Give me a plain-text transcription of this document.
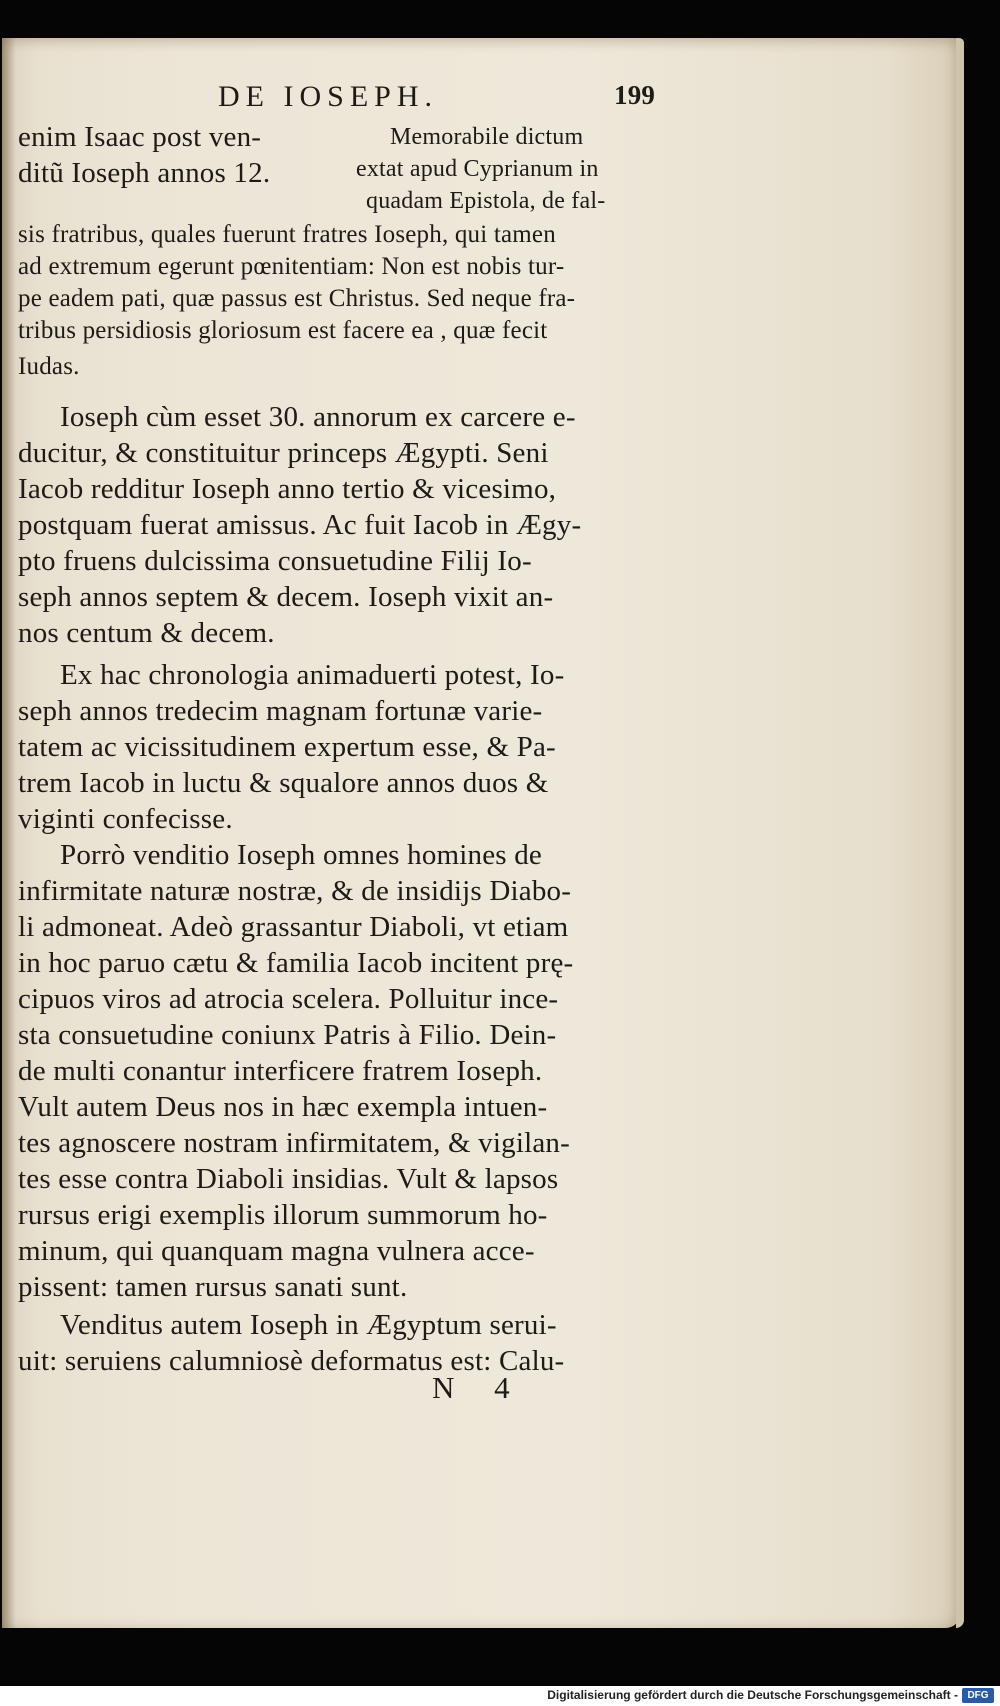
DE IOSEPH.	199
Memorabile dictum
extat apud Cyprianum in
quadam Epistola, de fal-
enim Isaac post ven-
ditũ Ioseph annos 12.
sis fratribus, quales fuerunt fratres Ioseph, qui tamen
ad extremum egerunt pœnitentiam: Non est nobis tur-
pe eadem pati, quæ passus est Christus. Sed neque fra-
tribus persidiosis gloriosum est facere ea , quæ fecit
Iudas.
Ioseph cùm esset 30. annorum ex carcere e-
ducitur, & constituitur princeps Ægypti. Seni
Iacob redditur Ioseph anno tertio & vicesimo,
postquam fuerat amissus. Ac fuit Iacob in Ægy-
pto fruens dulcissima consuetudine Filij Io-
seph annos septem & decem. Ioseph vixit an-
nos centum & decem.
Ex hac chronologia animaduerti potest, Io-
seph annos tredecim magnam fortunæ varie-
tatem ac vicissitudinem expertum esse, & Pa-
trem Iacob in luctu & squalore annos duos &
viginti confecisse.
Porrò venditio Ioseph omnes homines de
infirmitate naturæ nostræ, & de insidijs Diabo-
li admoneat. Adeò grassantur Diaboli, vt etiam
in hoc paruo cætu & familia Iacob incitent prę-
cipuos viros ad atrocia scelera. Polluitur ince-
sta consuetudine coniunx Patris à Filio. Dein-
de multi conantur interficere fratrem Ioseph.
Vult autem Deus nos in hæc exempla intuen-
tes agnoscere nostram infirmitatem, & vigilan-
tes esse contra Diaboli insidias. Vult & lapsos
rursus erigi exemplis illorum summorum ho-
minum, qui quanquam magna vulnera acce-
pissent: tamen rursus sanati sunt.
Venditus autem Ioseph in Ægyptum serui-
uit: seruiens calumniosè deformatus est: Calu-
N 4
Digitalisierung gefördert durch die Deutsche Forschungsgemeinschaft - DFG
